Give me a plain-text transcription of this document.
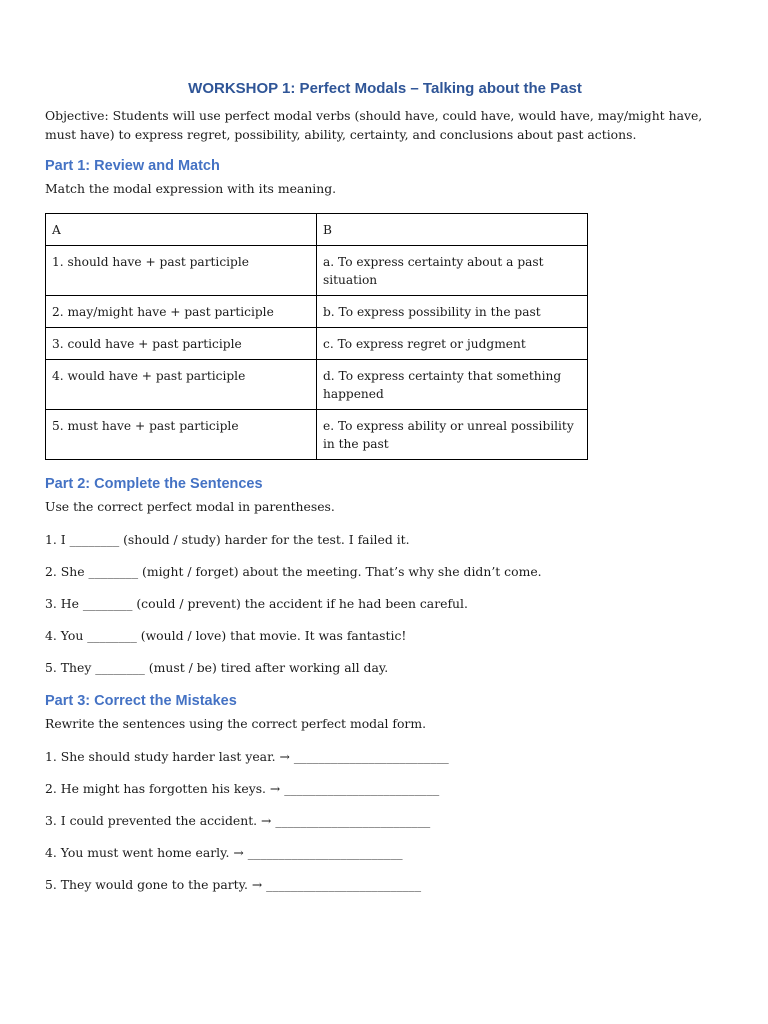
WORKSHOP 1: Perfect Modals – Talking about the Past

Objective: Students will use perfect modal verbs (should have, could have, would have, may/might have, must have) to express regret, possibility, ability, certainty, and conclusions about past actions.

Part 1: Review and Match

Match the modal expression with its meaning.

A	B
1. should have + past participle	a. To express certainty about a past situation
2. may/might have + past participle	b. To express possibility in the past
3. could have + past participle	c. To express regret or judgment
4. would have + past participle	d. To express certainty that something happened
5. must have + past participle	e. To express ability or unreal possibility in the past
Part 2: Complete the Sentences

Use the correct perfect modal in parentheses.

1. I ________ (should / study) harder for the test. I failed it.

2. She ________ (might / forget) about the meeting. That’s why she didn’t come.

3. He ________ (could / prevent) the accident if he had been careful.

4. You ________ (would / love) that movie. It was fantastic!

5. They ________ (must / be) tired after working all day.

Part 3: Correct the Mistakes

Rewrite the sentences using the correct perfect modal form.

1. She should study harder last year. → _________________________

2. He might has forgotten his keys. → _________________________

3. I could prevented the accident. → _________________________

4. You must went home early. → _________________________

5. They would gone to the party. → _________________________
